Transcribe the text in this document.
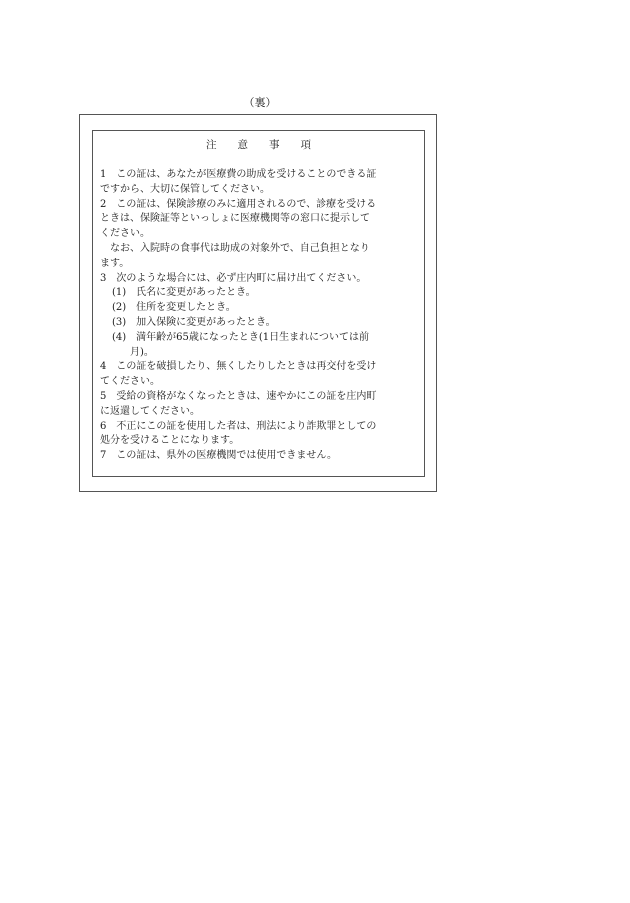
（裏）
注　　意　　事　　項
1　この証は、あなたが医療費の助成を受けることのできる証
ですから、大切に保管してください。
2　この証は、保険診療のみに適用されるので、診療を受ける
ときは、保険証等といっしょに医療機関等の窓口に提示して
ください。
なお、入院時の食事代は助成の対象外で、自己負担となり
ます。
3　次のような場合には、必ず庄内町に届け出てください。
(1)　氏名に変更があったとき。
(2)　住所を変更したとき。
(3)　加入保険に変更があったとき。
(4)　満年齢が65歳になったとき(1日生まれについては前
月)。
4　この証を破損したり、無くしたりしたときは再交付を受け
てください。
5　受給の資格がなくなったときは、速やかにこの証を庄内町
に返還してください。
6　不正にこの証を使用した者は、刑法により詐欺罪としての
処分を受けることになります。
7　この証は、県外の医療機関では使用できません。
